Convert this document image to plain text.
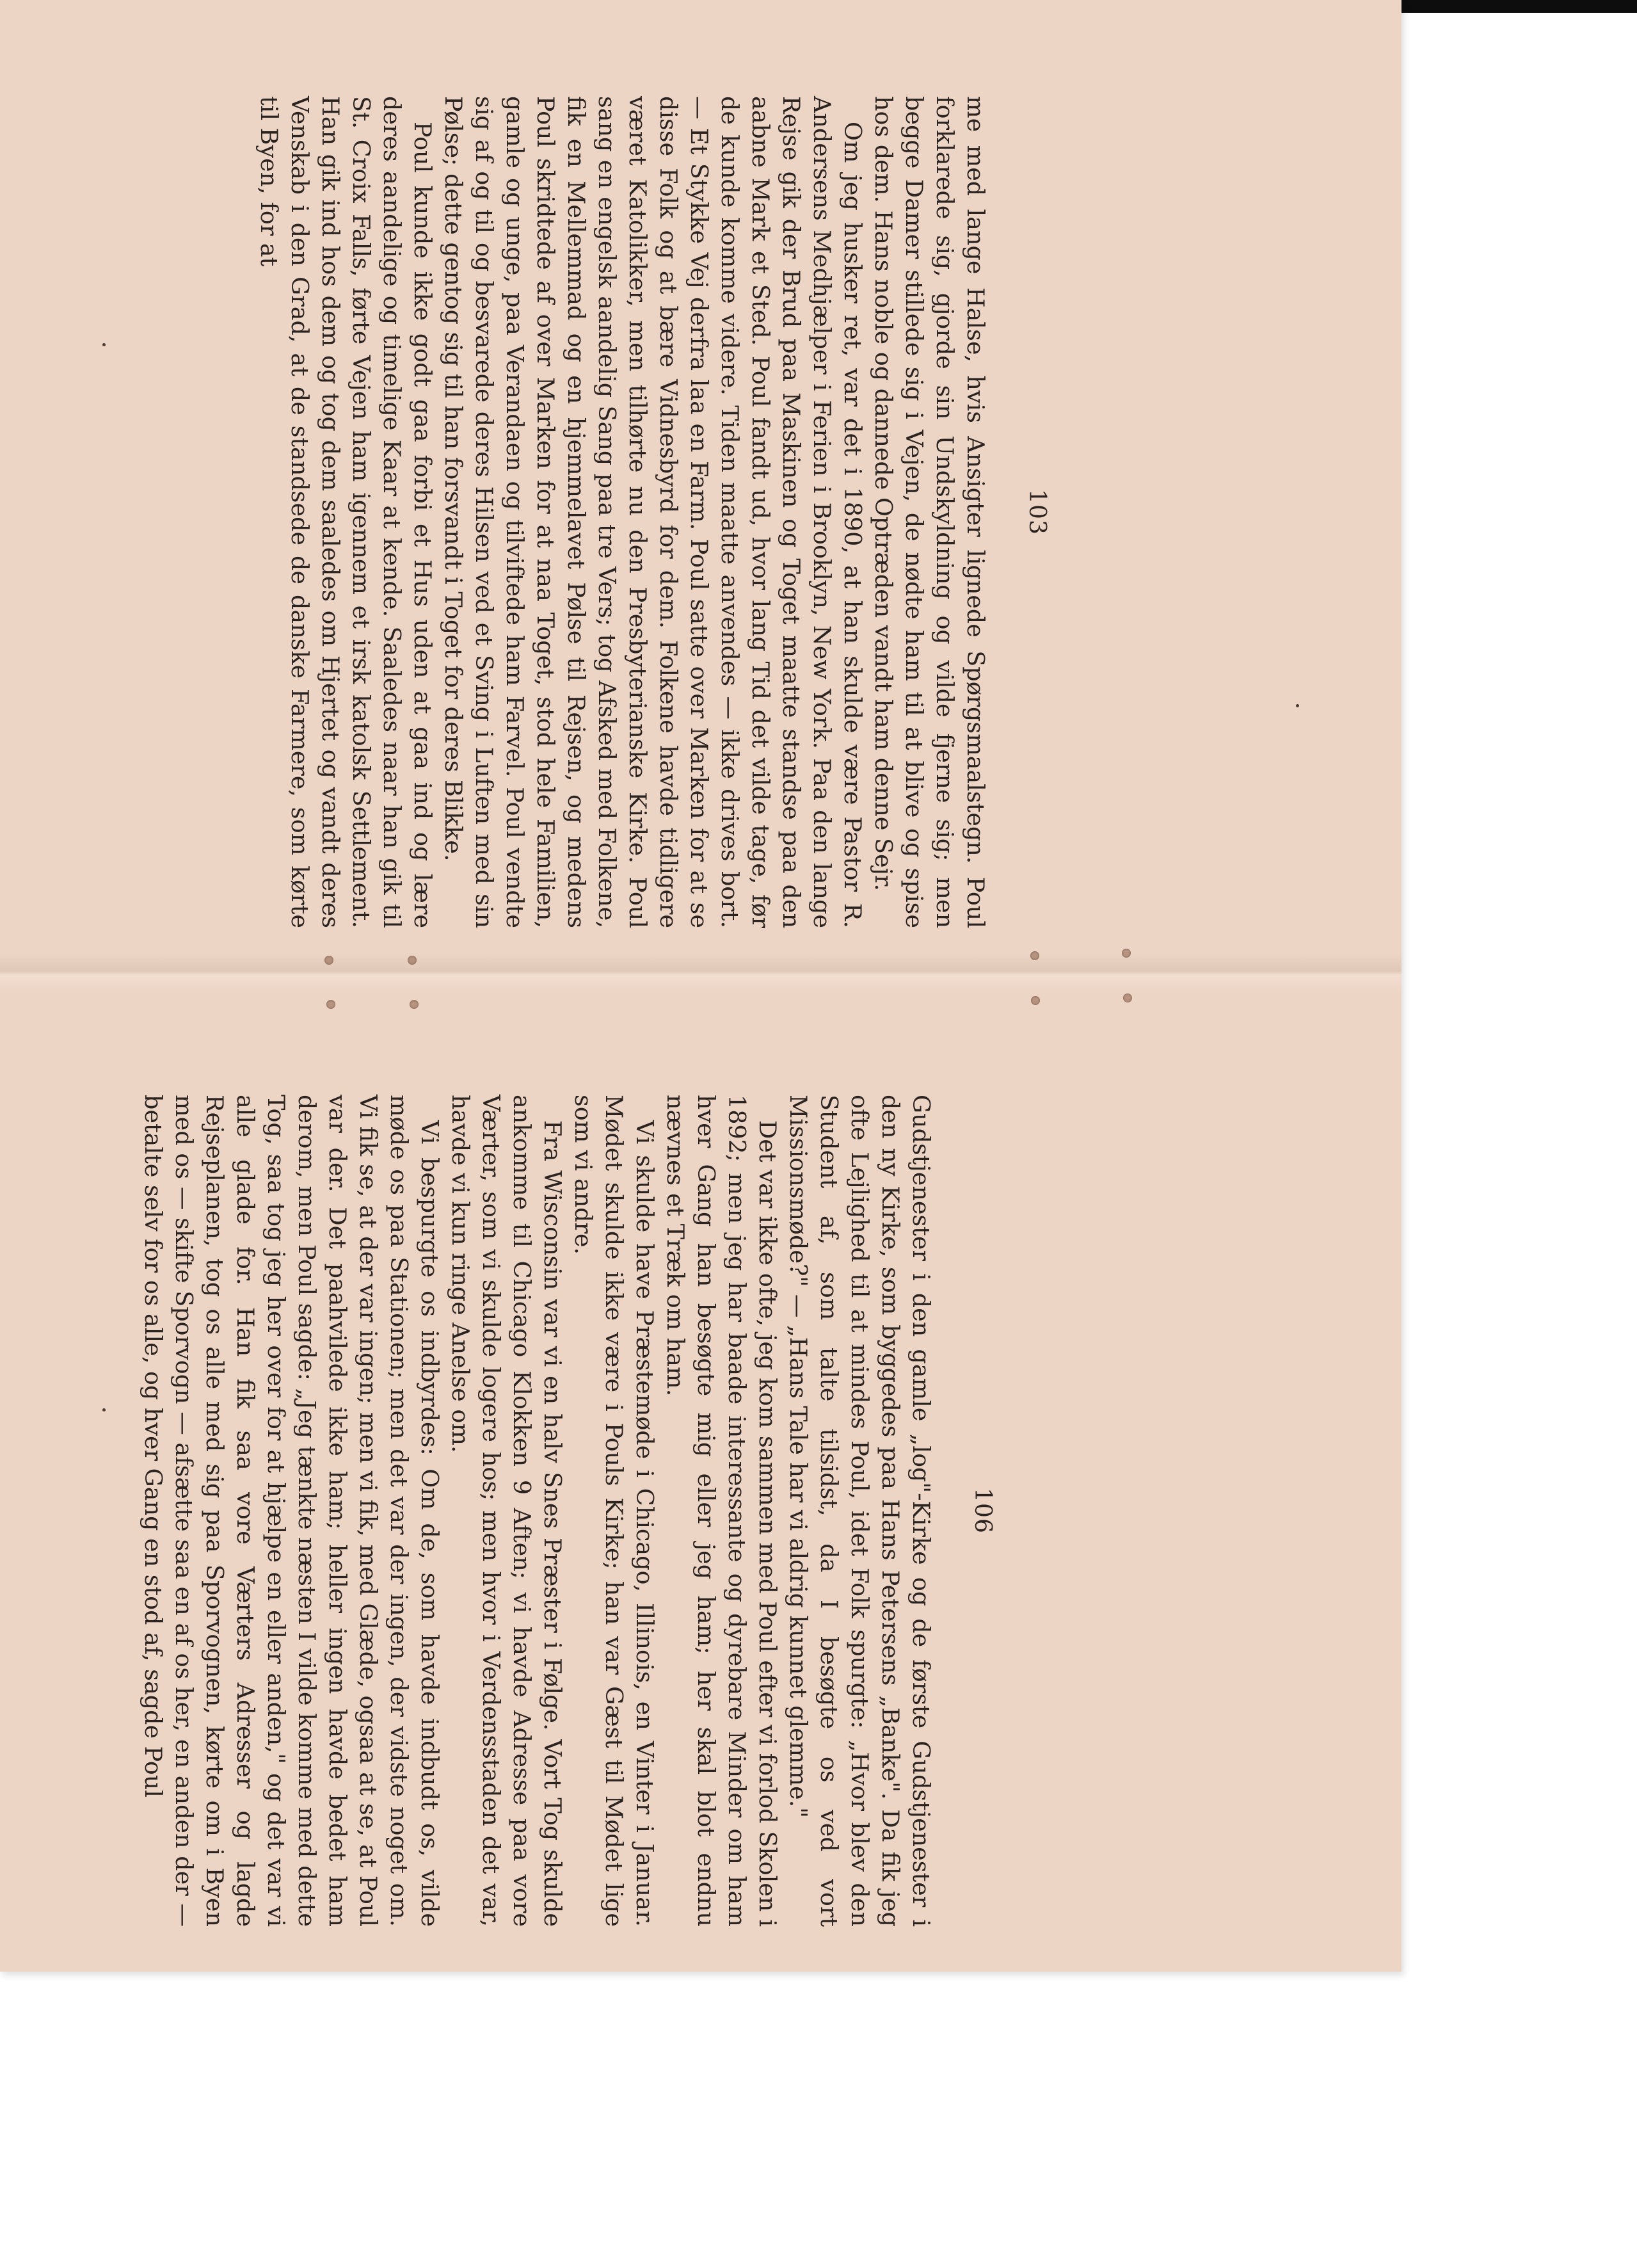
103

me med lange Halse, hvis Ansigter lignede Spørgsmaalstegn. Poul forklarede sig, gjorde sin Undskyldning og vilde fjerne sig; men begge Damer stillede sig i Vejen, de nødte ham til at blive og spise hos dem. Hans noble og dannede Optræden vandt ham denne Sejr.

Om jeg husker ret, var det i 1890, at han skulde være Pastor R. Andersens Medhjælper i Ferien i Brooklyn, New York. Paa den lange Rejse gik der Brud paa Maskinen og Toget maatte standse paa den aabne Mark et Sted. Poul fandt ud, hvor lang Tid det vilde tage, før de kunde komme videre. Tiden maatte anvendes — ikke drives bort. — Et Stykke Vej derfra laa en Farm. Poul satte over Marken for at se disse Folk og at bære Vidnesbyrd for dem. Folkene havde tidligere været Katolikker, men tilhørte nu den Presbyterianske Kirke. Poul sang en engelsk aandelig Sang paa tre Vers; tog Afsked med Folkene, fik en Mellemmad og en hjemmelavet Pølse til Rejsen, og medens Poul skridtede af over Marken for at naa Toget, stod hele Familien, gamle og unge, paa Verandaen og tilviftede ham Farvel. Poul vendte sig af og til og besvarede deres Hilsen ved et Sving i Luften med sin Pølse; dette gentog sig til han forsvandt i Toget for deres Blikke.

Poul kunde ikke godt gaa forbi et Hus uden at gaa ind og lære deres aandelige og timelige Kaar at kende. Saaledes naar han gik til St. Croix Falls, førte Vejen ham igennem et irsk katolsk Settlement. Han gik ind hos dem og tog dem saaledes om Hjertet og vandt deres Venskab i den Grad, at de standsede de danske Farmere, som kørte til Byen, for at

106

Gudstjenester i den gamle „log"-Kirke og de første Gudstjenester i den ny Kirke, som byggedes paa Hans Petersens „Banke". Da fik jeg ofte Lejlighed til at mindes Poul, idet Folk spurgte: „Hvor blev den Student af, som talte tilsidst, da I besøgte os ved vort Missionsmøde?" — „Hans Tale har vi aldrig kunnet glemme."

Det var ikke ofte, jeg kom sammen med Poul efter vi forlod Skolen i 1892; men jeg har baade interessante og dyrebare Minder om ham hver Gang han besøgte mig eller jeg ham; her skal blot endnu nævnes et Træk om ham.

Vi skulde have Præstemøde i Chicago, Illinois, en Vinter i Januar. Mødet skulde ikke være i Pouls Kirke; han var Gæst til Mødet lige som vi andre.

Fra Wisconsin var vi en halv Snes Præster i Følge. Vort Tog skulde ankomme til Chicago Klokken 9 Aften; vi havde Adresse paa vore Værter, som vi skulde logere hos; men hvor i Verdensstaden det var, havde vi kun ringe Anelse om.

Vi bespurgte os indbyrdes: Om de, som havde indbudt os, vilde møde os paa Stationen; men det var der ingen, der vidste noget om. Vi fik se, at der var ingen; men vi fik, med Glæde, ogsaa at se, at Poul var der. Det paahvilede ikke ham; heller ingen havde bedet ham derom, men Poul sagde: „Jeg tænkte næsten I vilde komme med dette Tog, saa tog jeg her over for at hjælpe en eller anden," og det var vi alle glade for. Han fik saa vore Værters Adresser og lagde Rejseplanen, tog os alle med sig paa Sporvognen, kørte om i Byen med os — skifte Sporvogn — afsætte saa en af os her, en anden der — betalte selv for os alle, og hver Gang en stod af, sagde Poul
